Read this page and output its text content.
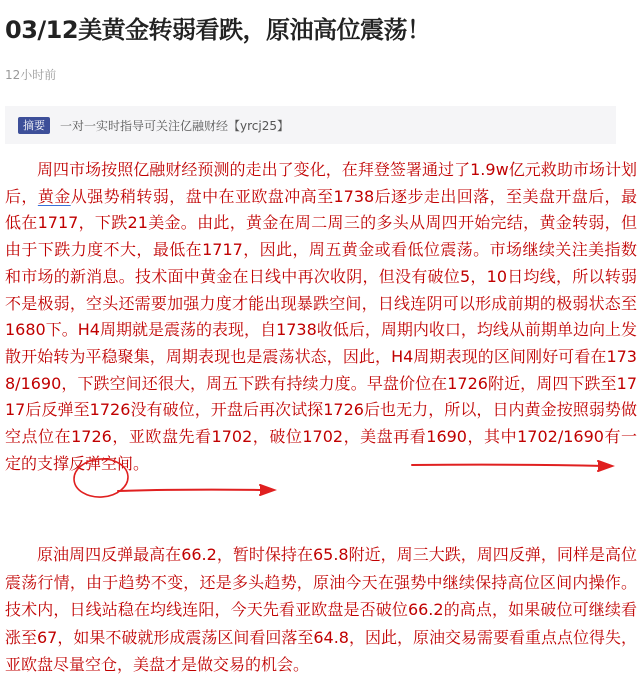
03/12美黄金转弱看跌，原油高位震荡！
12小时前
摘要	一对一实时指导可关注亿融财经【yrcj25】

周四市场按照亿融财经预测的走出了变化，在拜登签署通过了1.9w亿元救助市场计划后，黄金从强势稍转弱，盘中在亚欧盘冲高至1738后逐步走出回落，至美盘开盘后，最低在1717，下跌21美金。由此，黄金在周二周三的多头从周四开始完结，黄金转弱，但由于下跌力度不大，最低在1717，因此，周五黄金或看低位震荡。市场继续关注美指数和市场的新消息。技术面中黄金在日线中再次收阴，但没有破位5，10日均线，所以转弱不是极弱，空头还需要加强力度才能出现暴跌空间，日线连阴可以形成前期的极弱状态至1680下。H4周期就是震荡的表现，自1738收低后，周期内收口，均线从前期单边向上发散开始转为平稳聚集，周期表现也是震荡状态，因此，H4周期表现的区间刚好可看在1738/1690，下跌空间还很大，周五下跌有持续力度。早盘价位在1726附近，周四下跌至1717后反弹至1726没有破位，开盘后再次试探1726后也无力，所以，日内黄金按照弱势做空点位在1726，亚欧盘先看1702，破位1702，美盘再看1690，其中1702/1690有一定的支撑反弹空间。

原油周四反弹最高在66.2，暂时保持在65.8附近，周三大跌，周四反弹，同样是高位震荡行情，由于趋势不变，还是多头趋势，原油今天在强势中继续保持高位区间内操作。技术内，日线站稳在均线连阳，今天先看亚欧盘是否破位66.2的高点，如果破位可继续看涨至67，如果不破就形成震荡区间看回落至64.8，因此，原油交易需要看重点点位得失，亚欧盘尽量空仓，美盘才是做交易的机会。
